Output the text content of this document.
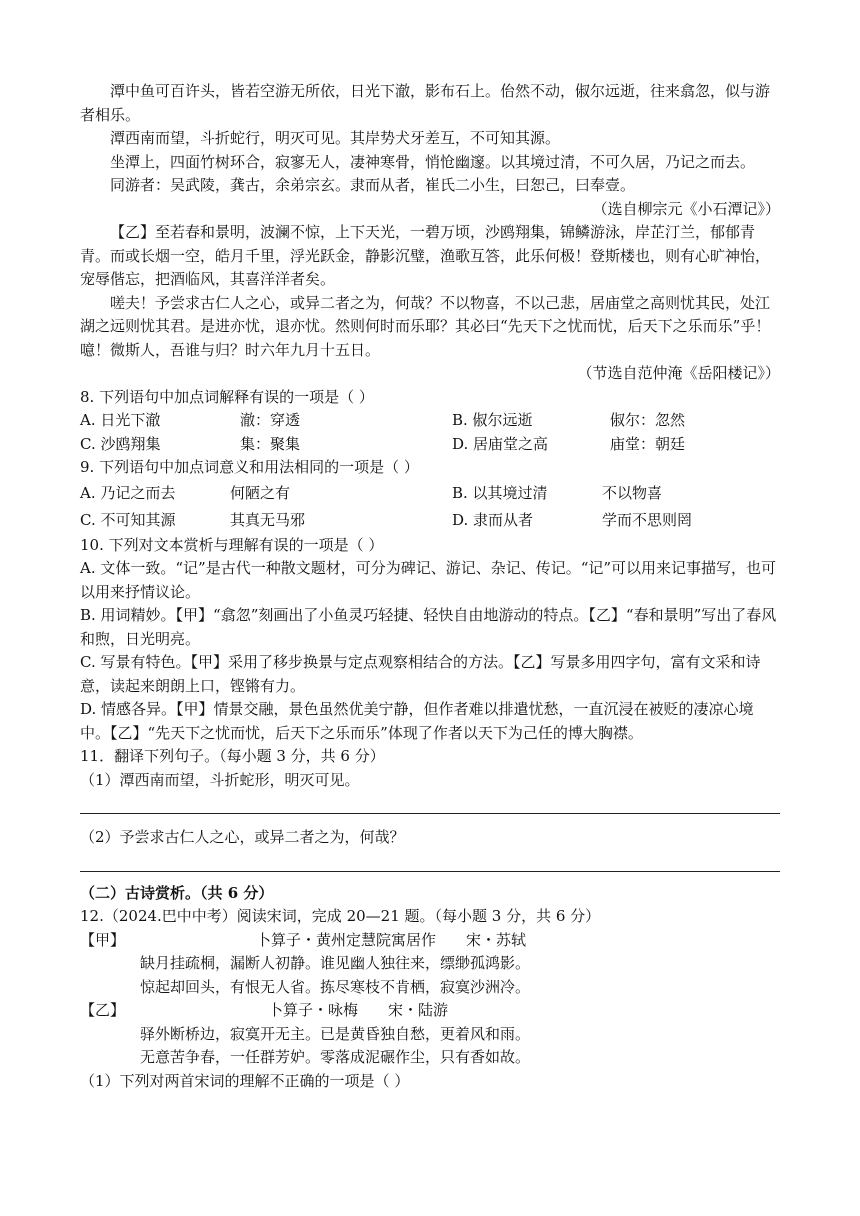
潭中鱼可百许头，皆若空游无所依，日光下澈，影布石上。佁然不动，俶尔远逝，往来翕忽，似与游者相乐。

潭西南而望，斗折蛇行，明灭可见。其岸势犬牙差互，不可知其源。

坐潭上，四面竹树环合，寂寥无人，凄神寒骨，悄怆幽邃。以其境过清，不可久居，乃记之而去。

同游者：吴武陵，龚古，余弟宗玄。隶而从者，崔氏二小生，曰恕己，曰奉壹。

（选自柳宗元《小石潭记》）

【乙】至若春和景明，波澜不惊，上下天光，一碧万顷，沙鸥翔集，锦鳞游泳，岸芷汀兰，郁郁青青。而或长烟一空，皓月千里，浮光跃金，静影沉璧，渔歌互答，此乐何极！登斯楼也，则有心旷神怡，宠辱偕忘，把酒临风，其喜洋洋者矣。

嗟夫！予尝求古仁人之心，或异二者之为，何哉？不以物喜，不以己悲，居庙堂之高则忧其民，处江湖之远则忧其君。是进亦忧，退亦忧。然则何时而乐耶？其必曰“先天下之忧而忧，后天下之乐而乐”乎！噫！微斯人，吾谁与归？时六年九月十五日。

（节选自范仲淹《岳阳楼记》）

8. 下列语句中加点词解释有误的一项是（ ）

A. 日光下澈	澈：穿透	B. 俶尔远逝	俶尔：忽然
C. 沙鸥翔集	集：聚集	D. 居庙堂之高	庙堂：朝廷

9. 下列语句中加点词意义和用法相同的一项是（ ）

A. 乃记之而去	何陋之有	B. 以其境过清	不以物喜
C. 不可知其源	其真无马邪	D. 隶而从者	学而不思则罔

10. 下列对文本赏析与理解有误的一项是（ ）

A. 文体一致。“记”是古代一种散文题材，可分为碑记、游记、杂记、传记。“记”可以用来记事描写，也可以用来抒情议论。

B. 用词精妙。【甲】“翕忽”刻画出了小鱼灵巧轻捷、轻快自由地游动的特点。【乙】“春和景明”写出了春风和煦，日光明亮。

C. 写景有特色。【甲】采用了移步换景与定点观察相结合的方法。【乙】写景多用四字句，富有文采和诗意，读起来朗朗上口，铿锵有力。

D. 情感各异。【甲】情景交融，景色虽然优美宁静，但作者难以排遣忧愁，一直沉浸在被贬的凄凉心境中。【乙】“先天下之忧而忧，后天下之乐而乐”体现了作者以天下为己任的博大胸襟。

11．翻译下列句子。（每小题 3 分，共 6 分）

（1）潭西南而望，斗折蛇形，明灭可见。

（2）予尝求古仁人之心，或异二者之为，何哉？

（二）古诗赏析。（共 6 分）

12.（2024.巴中中考）阅读宋词，完成 20—21 题。（每小题 3 分，共 6 分）

【甲】	卜算子・黄州定慧院寓居作 宋・苏轼

缺月挂疏桐，漏断人初静。谁见幽人独往来，缥缈孤鸿影。

惊起却回头，有恨无人省。拣尽寒枝不肯栖，寂寞沙洲冷。

【乙】	卜算子・咏梅 宋・陆游

驿外断桥边，寂寞开无主。已是黄昏独自愁，更着风和雨。

无意苦争春，一任群芳妒。零落成泥碾作尘，只有香如故。

（1）下列对两首宋词的理解不正确的一项是（ ）
